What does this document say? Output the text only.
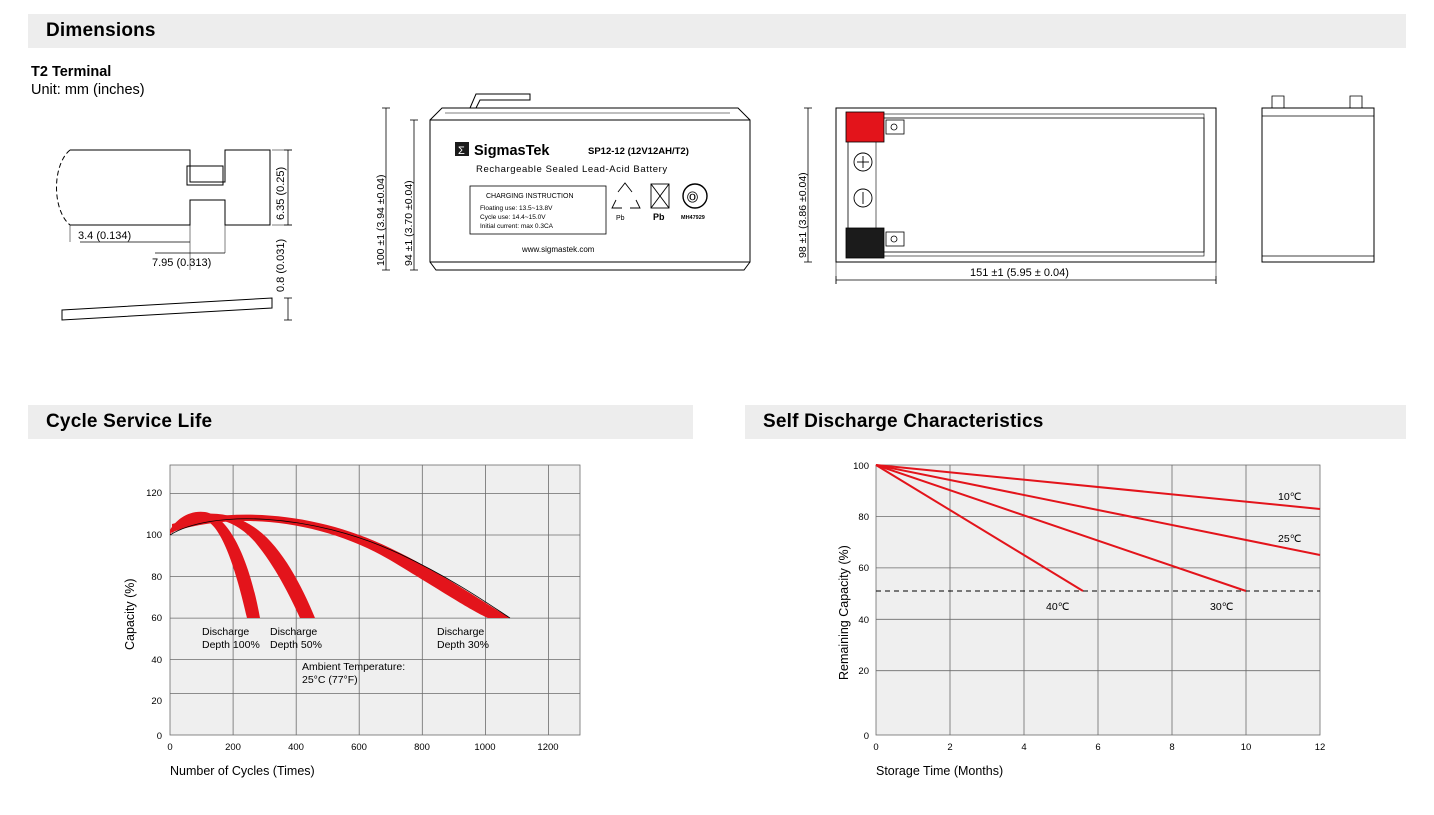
Dimensions
T2 Terminal
Unit: mm (inches)
6.35 (0.25)
0.8 (0.031)
3.4 (0.134)
7.95 (0.313)	100 ±1 (3.94 ±0.04) 94 ±1 (3.70 ±0.04)
Σ SigmasTek	SP12-12 (12V12AH/T2)
Rechargeable Sealed Lead-Acid Battery
CHARGING INSTRUCTION
Floating use: 13.5~13.8V
Cycle use: 14.4~15.0V
Initial current: max 0.3CA
Pb	Pb
Ⓞ
MH47929
www.sigmastek.com	98 ±1 (3.86 ±0.04)
151 ±1 (5.95 ± 0.04)
Cycle Service Life
120
100
80
60
40
20
0
0	200	400	600	800	1000	1200
Discharge
Depth 100%
Discharge
Depth 50%
Discharge
Depth 30%
Ambient Temperature:
25°C (77°F)
Capacity (%)
Number of Cycles (Times)
Self Discharge Characteristics
100
80
60
40
20
0
0	2	4	6	8	10	12
10℃
25℃
40℃	30℃
Remaining Capacity (%)
Storage Time (Months)
